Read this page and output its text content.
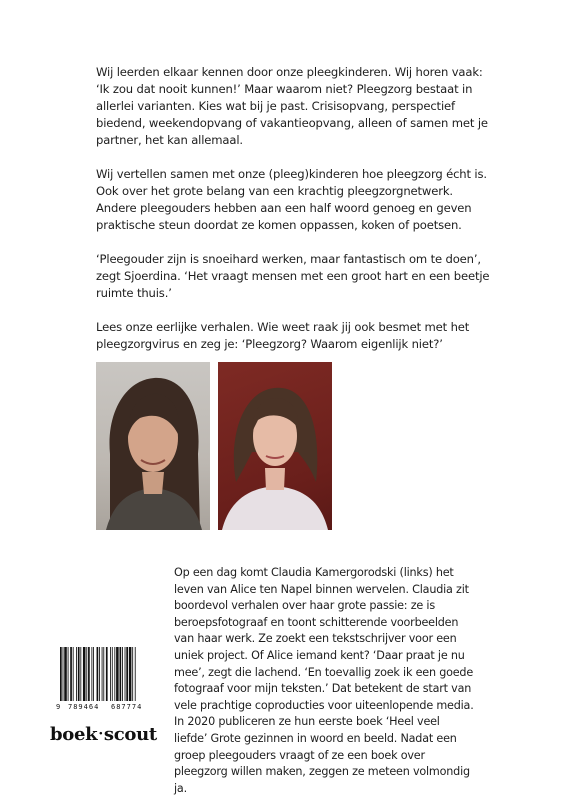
Wij leerden elkaar kennen door onze pleegkinderen. Wij horen vaak: ‘Ik zou dat nooit kunnen!’ Maar waarom niet? Pleegzorg bestaat in allerlei varianten. Kies wat bij je past. Crisisopvang, perspectief biedend, weekendopvang of vakantieopvang, alleen of samen met je partner, het kan allemaal.

Wij vertellen samen met onze (pleeg)kinderen hoe pleegzorg écht is. Ook over het grote belang van een krachtig pleegzorgnetwerk. Andere pleegouders hebben aan een half woord genoeg en geven praktische steun doordat ze komen oppassen, koken of poetsen.

‘Pleegouder zijn is snoeihard werken, maar fantastisch om te doen’, zegt Sjoerdina. ‘Het vraagt mensen met een groot hart en een beetje ruimte thuis.’

Lees onze eerlijke verhalen. Wie weet raak jij ook besmet met het pleegzorgvirus en zeg je: ‘Pleegzorg? Waarom eigenlijk niet?’

Op een dag komt Claudia Kamergorodski (links) het leven van Alice ten Napel binnen wervelen. Claudia zit boordevol verhalen over haar grote passie: ze is beroepsfotograaf en toont schitterende voorbeelden van haar werk. Ze zoekt een tekstschrijver voor een uniek project. Of Alice iemand kent? ‘Daar praat je nu mee’, zegt die lachend. ‘En toevallig zoek ik een goede fotograaf voor mijn teksten.’ Dat betekent de start van vele prachtige coproducties voor uiteenlopende media. In 2020 publiceren ze hun eerste boek ‘Heel veel liefde’ Grote gezinnen in woord en beeld. Nadat een groep pleegouders vraagt of ze een boek over pleegzorg willen maken, zeggen ze meteen volmondig ja.

9 789464 687774
boek·scout
